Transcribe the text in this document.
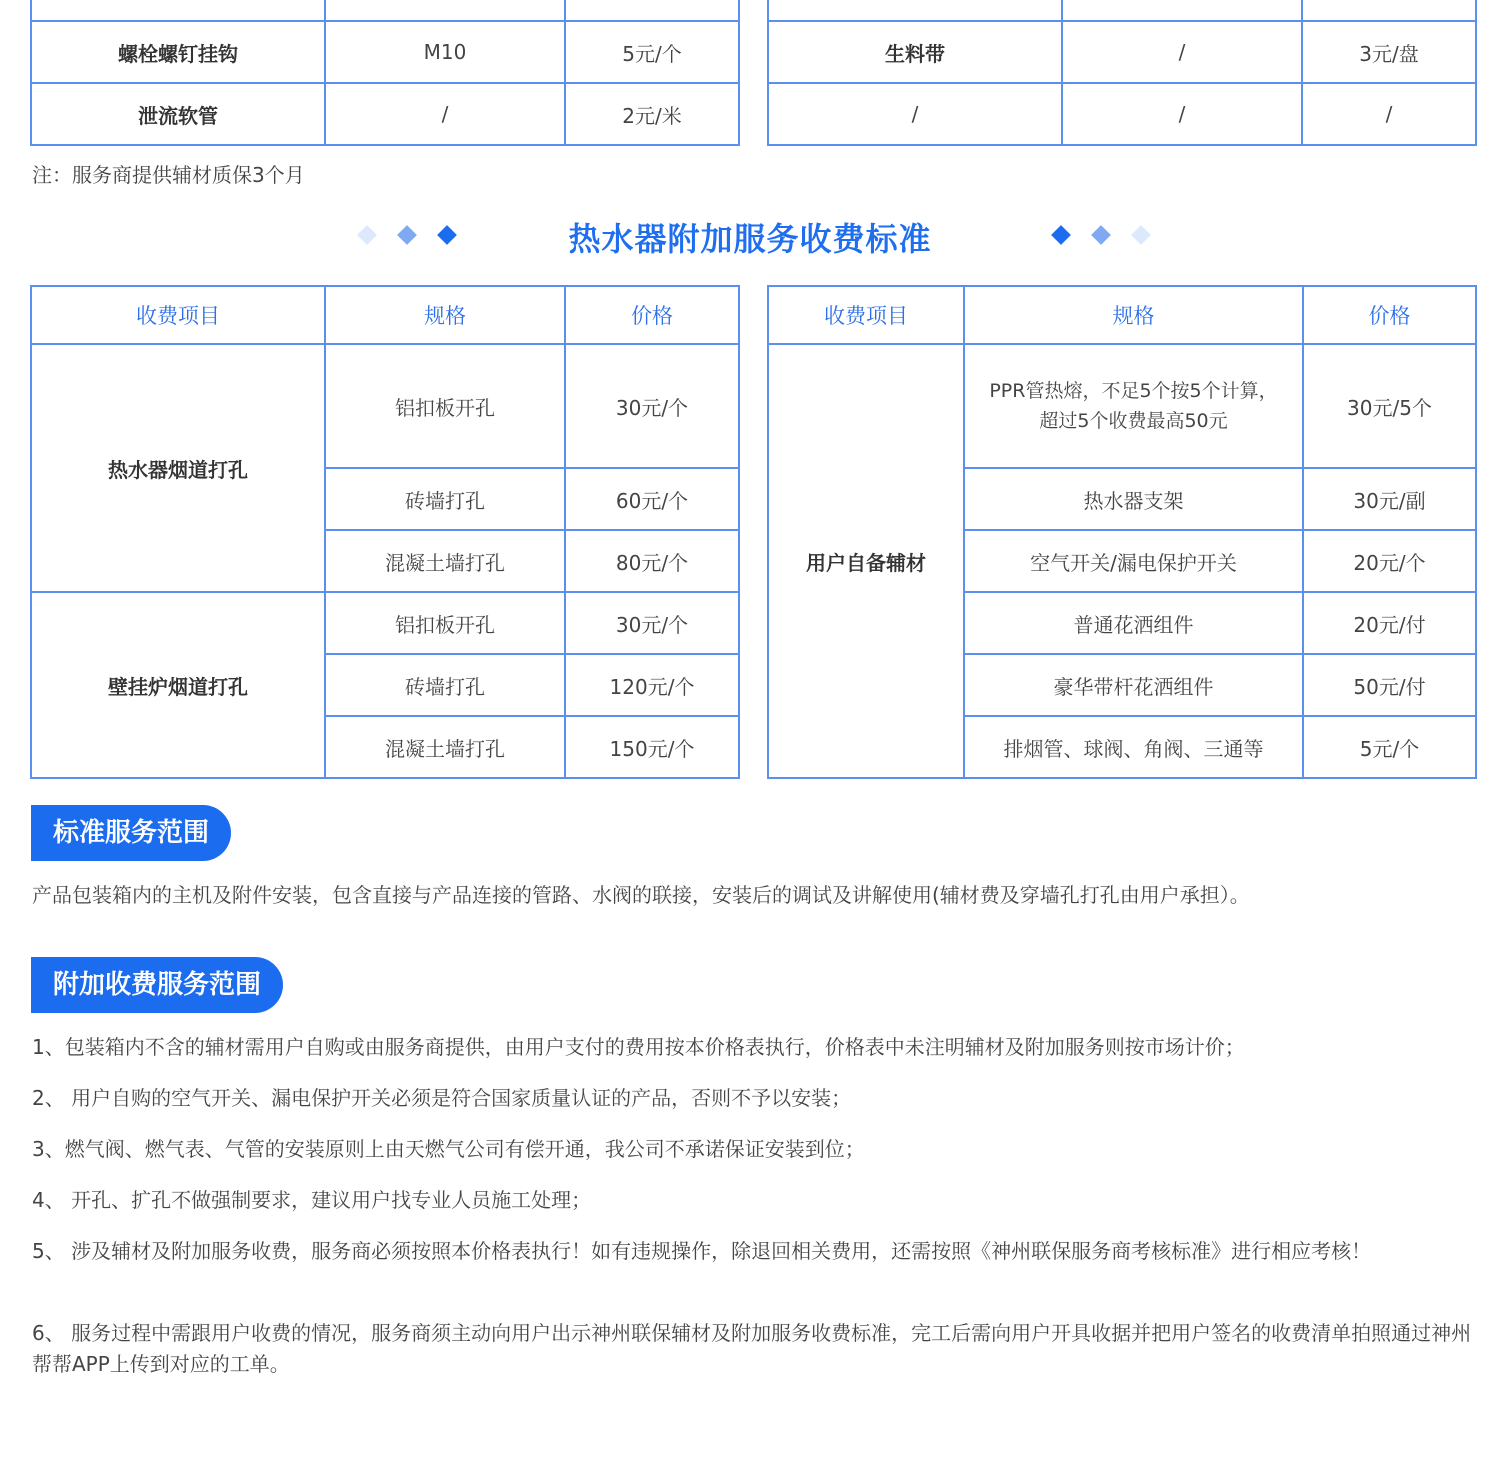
螺栓螺钉挂钩	M10	5元/个
泄流软管	/	2元/米

生料带	/	3元/盘
/	/	/
注：服务商提供辅材质保3个月
热水器附加服务收费标准
收费项目	规格	价格
热水器烟道打孔	铝扣板开孔	30元/个
	砖墙打孔	60元/个
	混凝土墙打孔	80元/个
壁挂炉烟道打孔	铝扣板开孔	30元/个
	砖墙打孔	120元/个
	混凝土墙打孔	150元/个
收费项目	规格	价格
用户自备辅材	PPR管热熔，不足5个按5个计算，超过5个收费最高50元	30元/5个
	热水器支架	30元/副
	空气开关/漏电保护开关	20元/个
	普通花洒组件	20元/付
	豪华带杆花洒组件	50元/付
	排烟管、球阀、角阀、三通等	5元/个
标准服务范围
产品包装箱内的主机及附件安装，包含直接与产品连接的管路、水阀的联接，安装后的调试及讲解使用(辅材费及穿墙孔打孔由用户承担）。
附加收费服务范围
1、包装箱内不含的辅材需用户自购或由服务商提供，由用户支付的费用按本价格表执行，价格表中未注明辅材及附加服务则按市场计价；
2、 用户自购的空气开关、漏电保护开关必须是符合国家质量认证的产品，否则不予以安装；
3、燃气阀、燃气表、气管的安装原则上由天燃气公司有偿开通，我公司不承诺保证安装到位；
4、 开孔、扩孔不做强制要求，建议用户找专业人员施工处理；
5、 涉及辅材及附加服务收费，服务商必须按照本价格表执行！如有违规操作，除退回相关费用，还需按照《神州联保服务商考核标准》进行相应考核！
6、 服务过程中需跟用户收费的情况，服务商须主动向用户出示神州联保辅材及附加服务收费标准，完工后需向用户开具收据并把用户签名的收费清单拍照通过神州帮帮APP上传到对应的工单。
